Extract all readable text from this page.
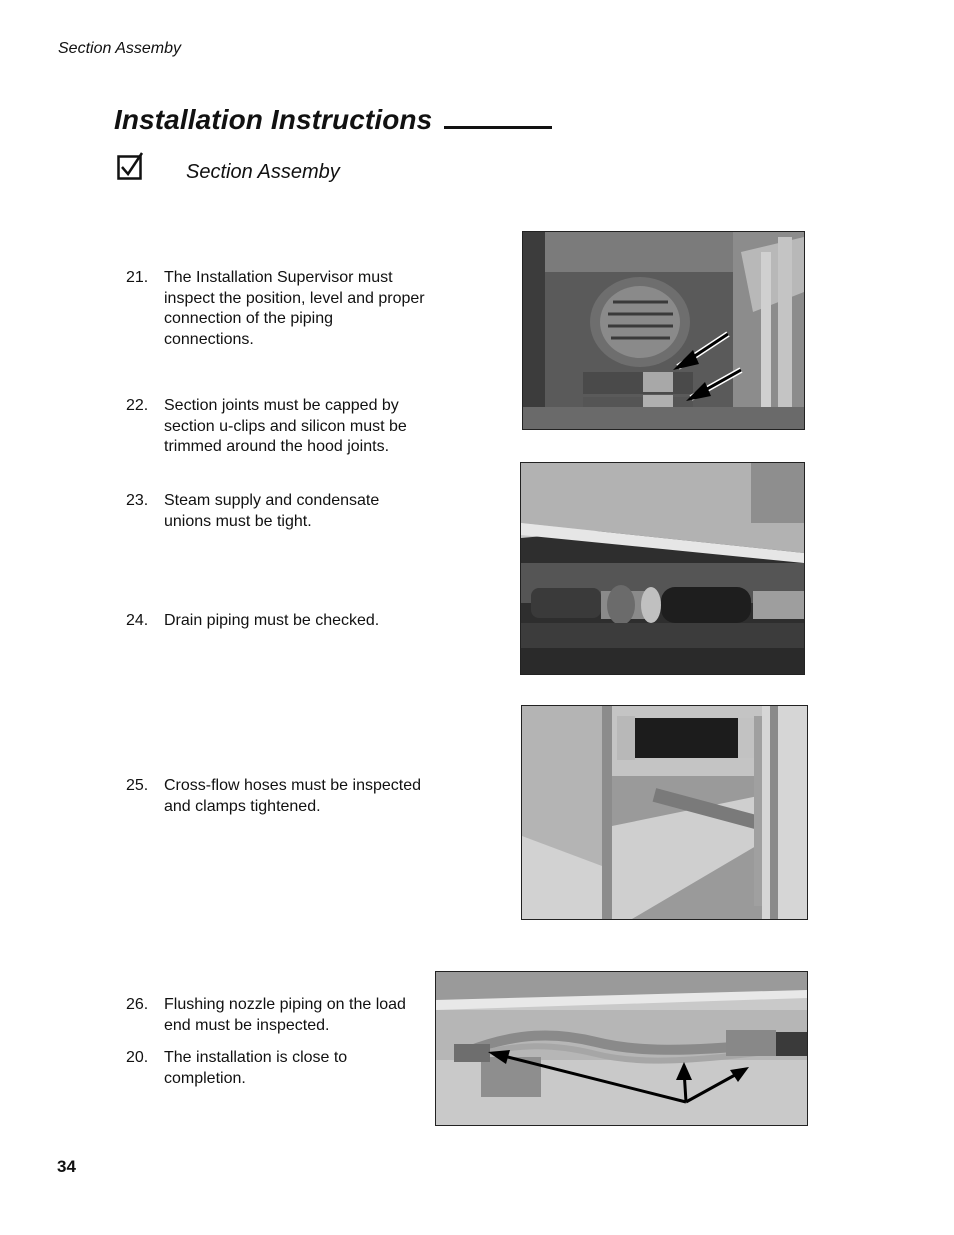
Section Assemby
Installation Instructions
Section Assemby
21. The Installation Supervisor must inspect the position, level and proper connection of the piping connections.
22. Section joints must be capped by section u-clips and silicon must be trimmed around the hood joints.
23. Steam supply and condensate unions must be tight.
24. Drain piping must be checked.
25. Cross-flow hoses must be inspected and clamps tightened.
26. Flushing nozzle piping on the load end must be inspected.
20. The installation is close to completion.
34
